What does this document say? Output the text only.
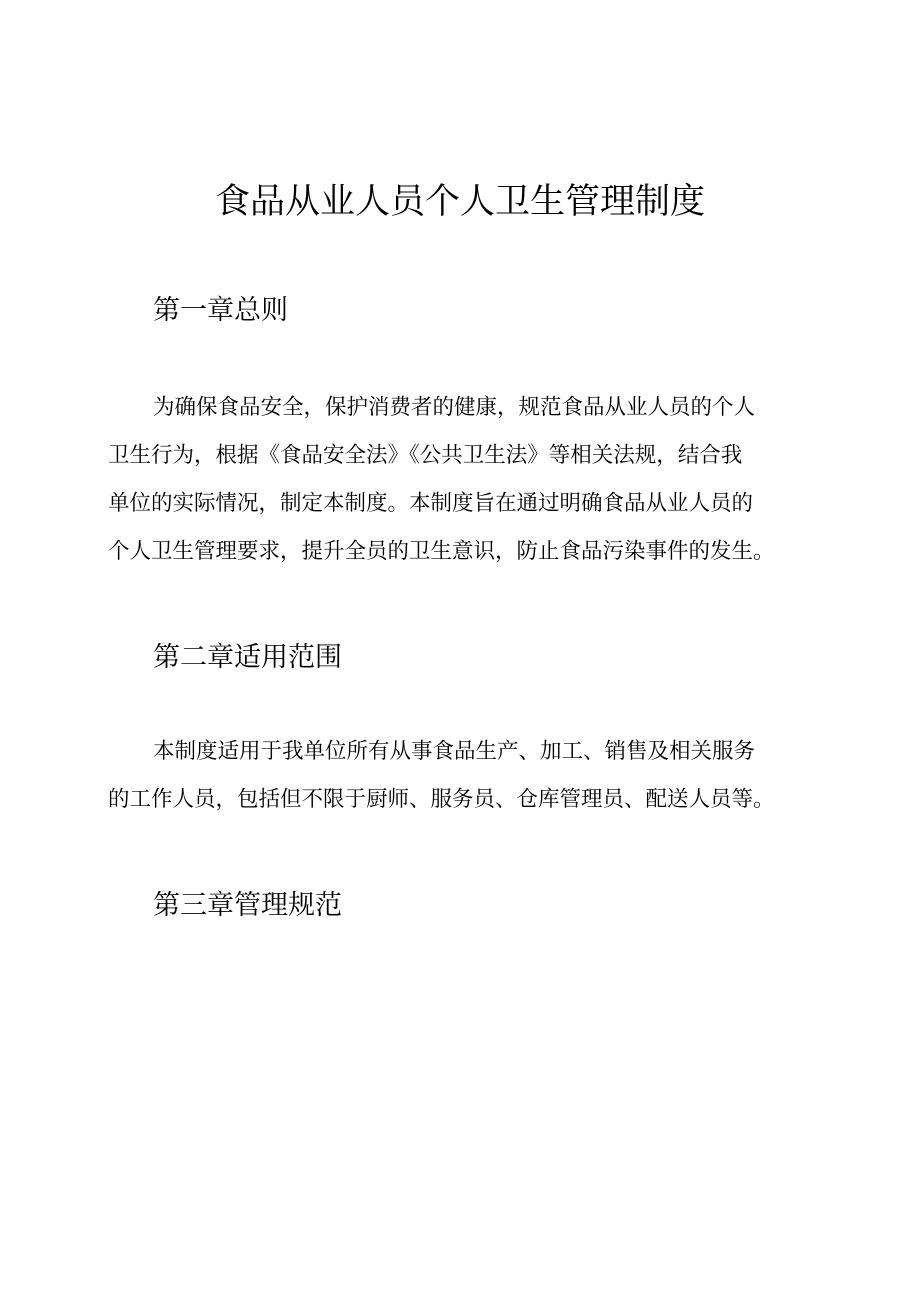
食品从业人员个人卫生管理制度
第一章总则

为确保食品安全，保护消费者的健康，规范食品从业人员的个人

卫生行为，根据《食品安全法》《公共卫生法》等相关法规，结合我

单位的实际情况，制定本制度。本制度旨在通过明确食品从业人员的

个人卫生管理要求，提升全员的卫生意识，防止食品污染事件的发生。

第二章适用范围

本制度适用于我单位所有从事食品生产、加工、销售及相关服务

的工作人员，包括但不限于厨师、服务员、仓库管理员、配送人员等。

第三章管理规范
